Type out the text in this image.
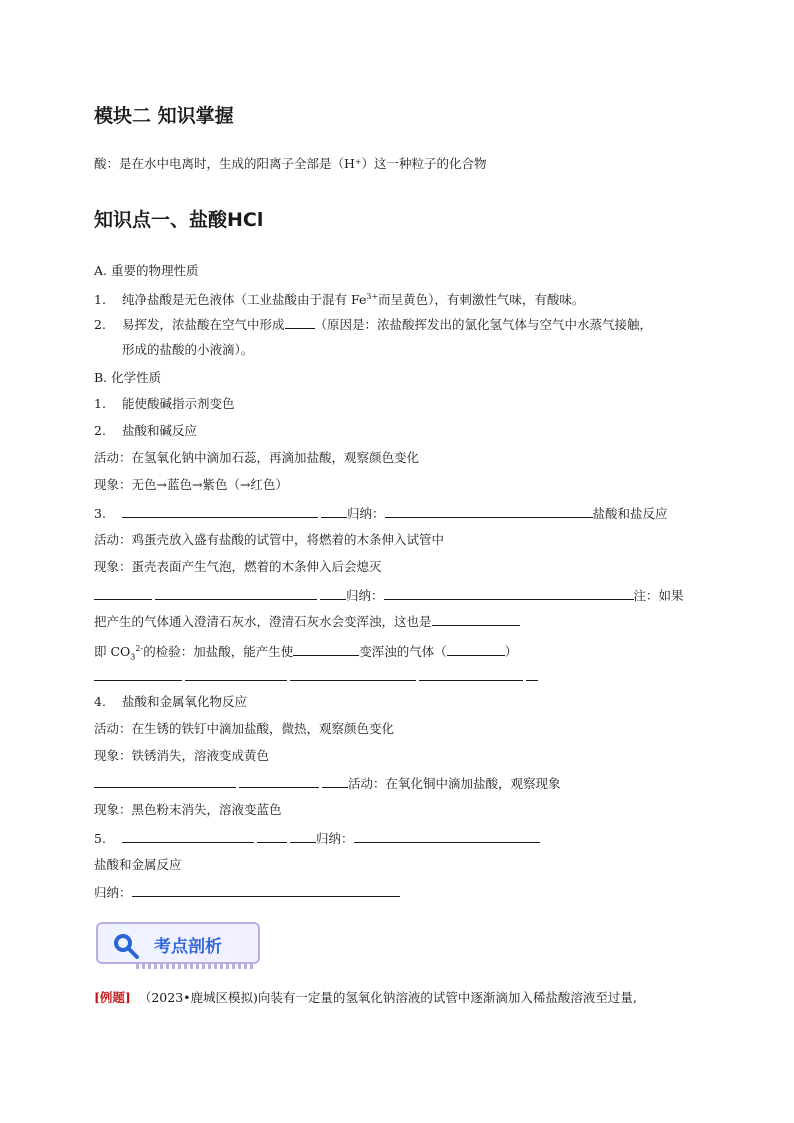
模块二 知识掌握
酸：是在水中电离时，生成的阳离子全部是（H⁺）这一种粒子的化合物
知识点一、盐酸HCl
A. 重要的物理性质
1. 纯净盐酸是无色液体（工业盐酸由于混有 $Fe^{3+}$而呈黄色），有刺激性气味，有酸味。
2. 易挥发，浓盐酸在空气中形成 （原因是：浓盐酸挥发出的氯化氢气体与空气中水蒸气接触，
形成的盐酸的小液滴）。
B. 化学性质
1. 能使酸碱指示剂变色
2. 盐酸和碱反应
活动：在氢氧化钠中滴加石蕊，再滴加盐酸，观察颜色变化
现象：无色→蓝色→紫色（→红色）
3.	归纳：	盐酸和盐反应
活动：鸡蛋壳放入盛有盐酸的试管中，将燃着的木条伸入试管中
现象：蛋壳表面产生气泡，燃着的木条伸入后会熄灭
归纳：	注：如果
把产生的气体通入澄清石灰水，澄清石灰水会变浑浊，这也是
即 $CO_3^{2-}$的检验：加盐酸，能产生使	变浑浊的气体（	）
4. 盐酸和金属氧化物反应
活动：在生锈的铁钉中滴加盐酸，微热，观察颜色变化
现象：铁锈消失，溶液变成黄色
活动：在氧化铜中滴加盐酸，观察现象
现象：黑色粉末消失，溶液变蓝色
5.	归纳：
盐酸和金属反应
归纳：
考点剖析
[例题] （2023•鹿城区模拟)向装有一定量的氢氧化钠溶液的试管中逐渐滴加入稀盐酸溶液至过量,
